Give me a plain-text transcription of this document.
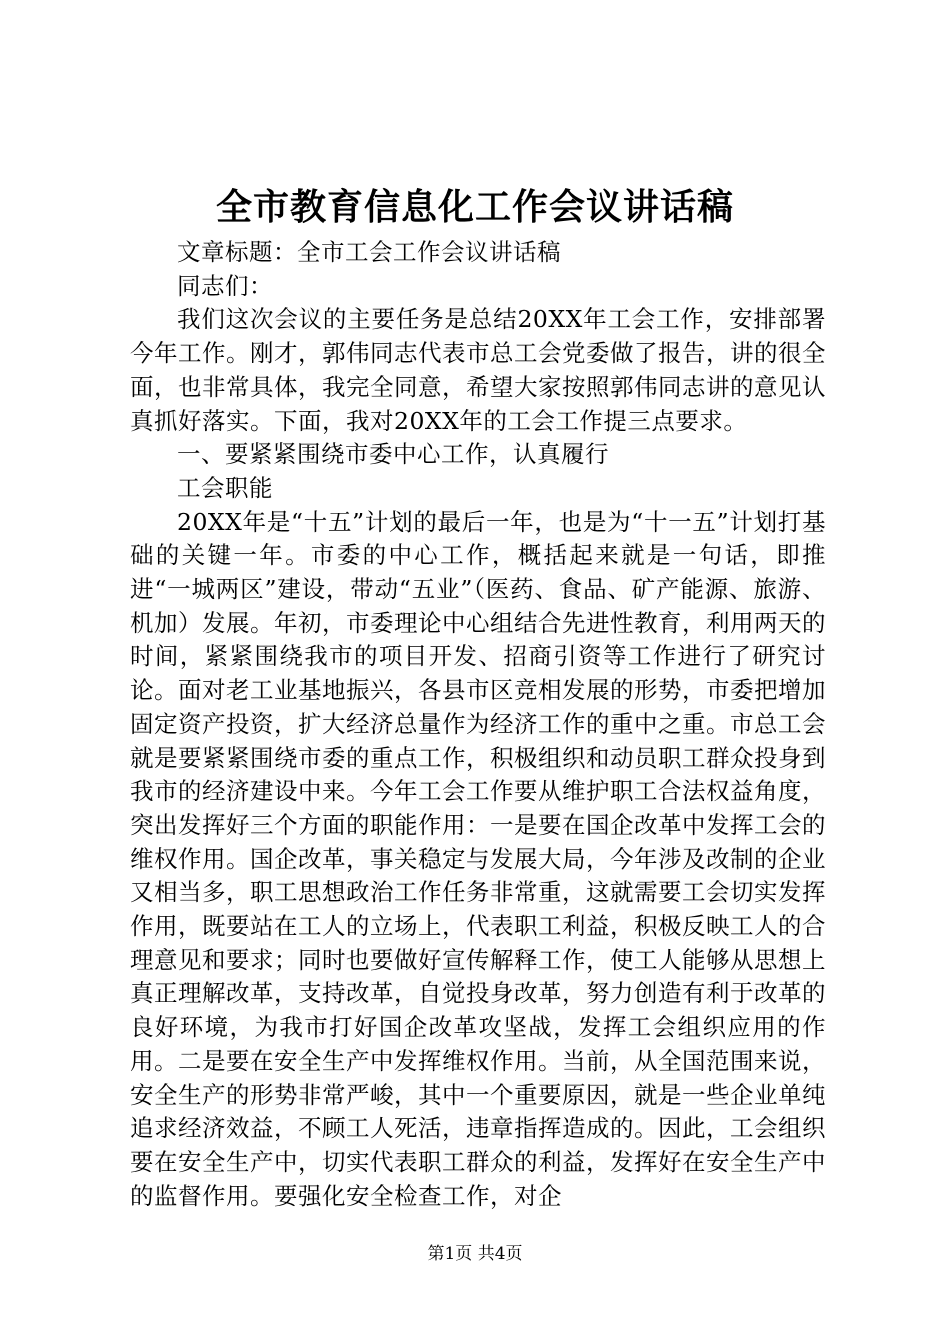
全市教育信息化工作会议讲话稿

文章标题：全市工会工作会议讲话稿

同志们：

我们这次会议的主要任务是总结20XX年工会工作，安排部署今年工作。刚才，郭伟同志代表市总工会党委做了报告，讲的很全面，也非常具体，我完全同意，希望大家按照郭伟同志讲的意见认真抓好落实。下面，我对20XX年的工会工作提三点要求。

一、要紧紧围绕市委中心工作，认真履行

工会职能

20XX年是“十五”计划的最后一年，也是为“十一五”计划打基础的关键一年。市委的中心工作，概括起来就是一句话，即推进“一城两区”建设，带动“五业”（医药、食品、矿产能源、旅游、机加）发展。年初，市委理论中心组结合先进性教育，利用两天的时间，紧紧围绕我市的项目开发、招商引资等工作进行了研究讨论。面对老工业基地振兴，各县市区竞相发展的形势，市委把增加固定资产投资，扩大经济总量作为经济工作的重中之重。市总工会就是要紧紧围绕市委的重点工作，积极组织和动员职工群众投身到我市的经济建设中来。今年工会工作要从维护职工合法权益角度，突出发挥好三个方面的职能作用：一是要在国企改革中发挥工会的维权作用。国企改革，事关稳定与发展大局，今年涉及改制的企业又相当多，职工思想政治工作任务非常重，这就需要工会切实发挥作用，既要站在工人的立场上，代表职工利益，积极反映工人的合理意见和要求；同时也要做好宣传解释工作，使工人能够从思想上真正理解改革，支持改革，自觉投身改革，努力创造有利于改革的良好环境，为我市打好国企改革攻坚战，发挥工会组织应用的作用。二是要在安全生产中发挥维权作用。当前，从全国范围来说，安全生产的形势非常严峻，其中一个重要原因，就是一些企业单纯追求经济效益，不顾工人死活，违章指挥造成的。因此，工会组织要在安全生产中，切实代表职工群众的利益，发挥好在安全生产中的监督作用。要强化安全检查工作，对企

第1页 共4页
